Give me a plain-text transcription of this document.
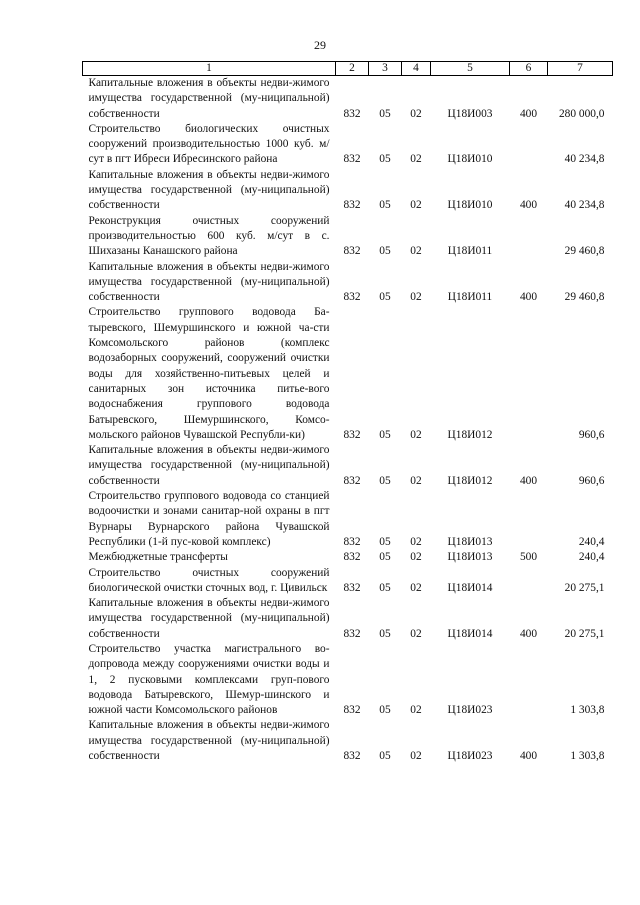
29
1	2	3	4	5	6	7
Капитальные вложения в объекты недви-жимого имущества государственной (му-ниципальной) собственности	832	05	02	Ц18И003	400	280 000,0
Строительство биологических очистных сооружений производительностью 1000 куб. м/сут в пгт Ибреси Ибресинского района	832	05	02	Ц18И010		40 234,8
Капитальные вложения в объекты недви-жимого имущества государственной (му-ниципальной) собственности	832	05	02	Ц18И010	400	40 234,8
Реконструкция очистных сооружений производительностью 600 куб. м/сут в с. Шихазаны Канашского района	832	05	02	Ц18И011		29 460,8
Капитальные вложения в объекты недви-жимого имущества государственной (му-ниципальной) собственности	832	05	02	Ц18И011	400	29 460,8
Строительство группового водовода Ба-тыревского, Шемуршинского и южной ча-сти Комсомольского районов (комплекс водозаборных сооружений, сооружений очистки воды для хозяйственно-питьевых целей и санитарных зон источника питье-вого водоснабжения группового водовода Батыревского, Шемуршинского, Комсо-мольского районов Чувашской Республи-ки)	832	05	02	Ц18И012		960,6
Капитальные вложения в объекты недви-жимого имущества государственной (му-ниципальной) собственности	832	05	02	Ц18И012	400	960,6
Строительство группового водовода со станцией водоочистки и зонами санитар-ной охраны в пгт Вурнары Вурнарского района Чувашской Республики (1-й пус-ковой комплекс)	832	05	02	Ц18И013		240,4
Межбюджетные трансферты	832	05	02	Ц18И013	500	240,4
Строительство очистных сооружений биологической очистки сточных вод, г. Цивильск	832	05	02	Ц18И014		20 275,1
Капитальные вложения в объекты недви-жимого имущества государственной (му-ниципальной) собственности	832	05	02	Ц18И014	400	20 275,1
Строительство участка магистрального во-допровода между сооружениями очистки воды и 1, 2 пусковыми комплексами груп-пового водовода Батыревского, Шемур-шинского и южной части Комсомольского районов	832	05	02	Ц18И023		1 303,8
Капитальные вложения в объекты недви-жимого имущества государственной (му-ниципальной) собственности	832	05	02	Ц18И023	400	1 303,8
